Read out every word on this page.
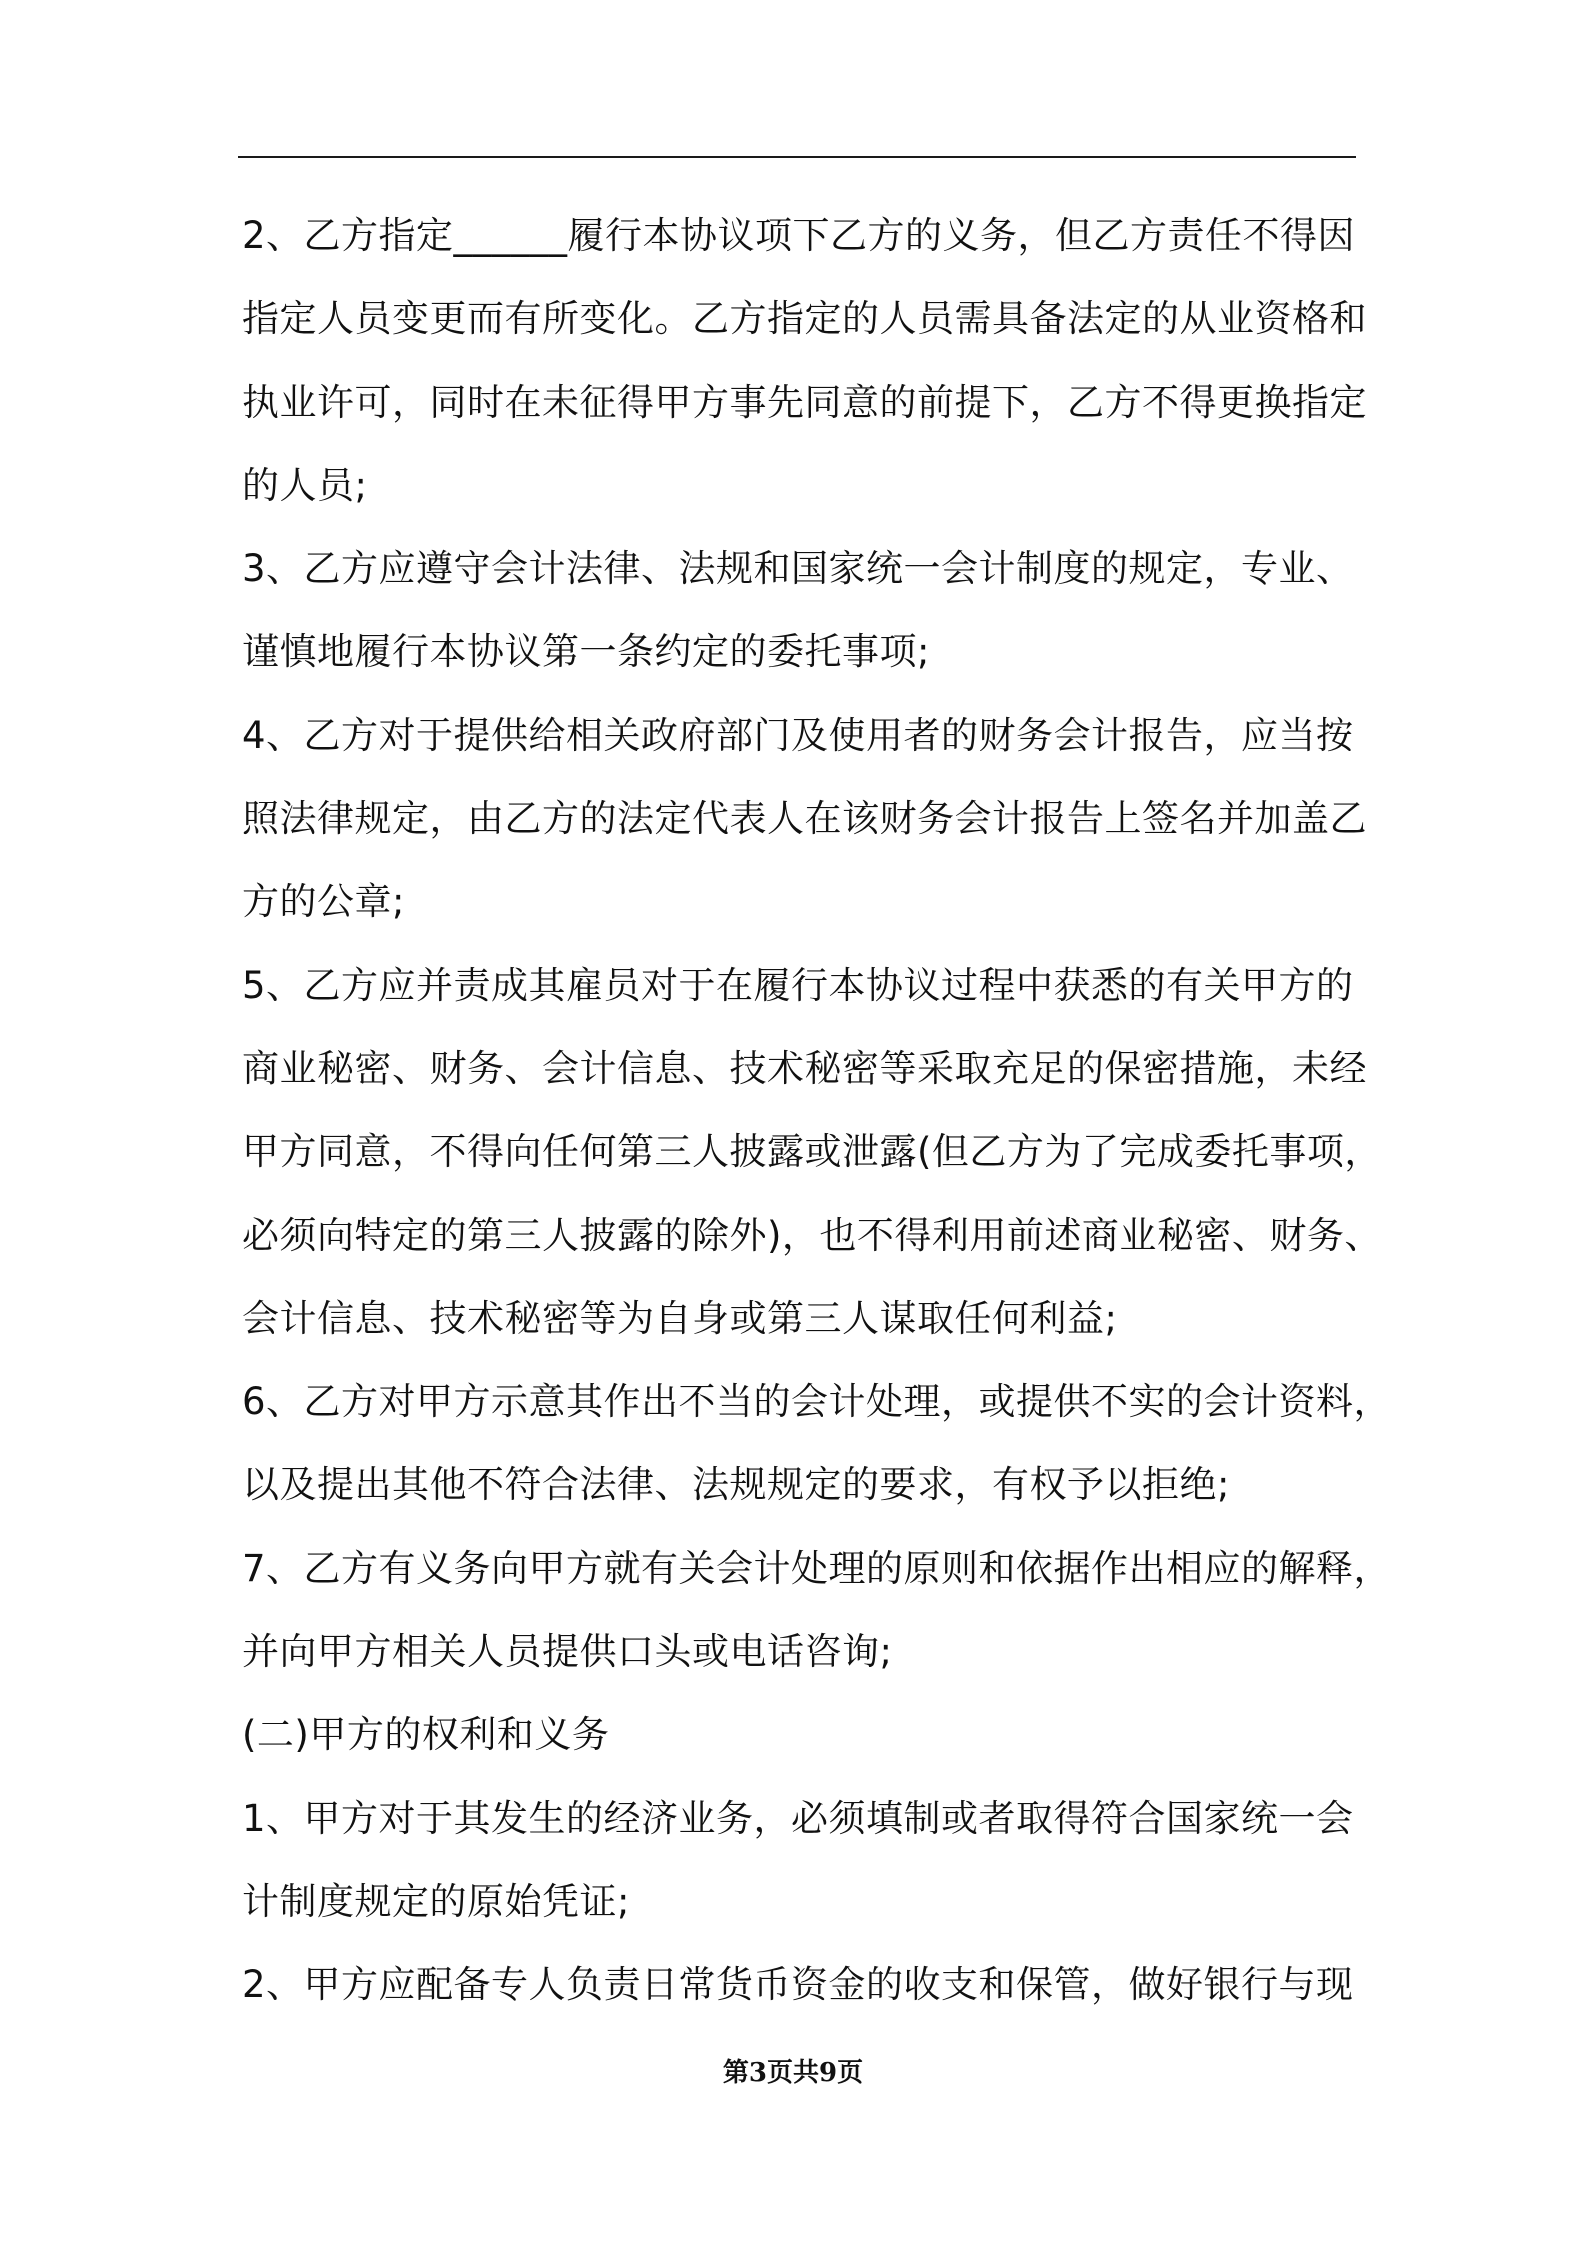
2、乙方指定______履行本协议项下乙方的义务，但乙方责任不得因
指定人员变更而有所变化。乙方指定的人员需具备法定的从业资格和
执业许可，同时在未征得甲方事先同意的前提下，乙方不得更换指定
的人员;
3、乙方应遵守会计法律、法规和国家统一会计制度的规定，专业、
谨慎地履行本协议第一条约定的委托事项;
4、乙方对于提供给相关政府部门及使用者的财务会计报告，应当按
照法律规定，由乙方的法定代表人在该财务会计报告上签名并加盖乙
方的公章;
5、乙方应并责成其雇员对于在履行本协议过程中获悉的有关甲方的
商业秘密、财务、会计信息、技术秘密等采取充足的保密措施，未经
甲方同意，不得向任何第三人披露或泄露(但乙方为了完成委托事项，
必须向特定的第三人披露的除外)，也不得利用前述商业秘密、财务、
会计信息、技术秘密等为自身或第三人谋取任何利益;
6、乙方对甲方示意其作出不当的会计处理，或提供不实的会计资料，
以及提出其他不符合法律、法规规定的要求，有权予以拒绝;
7、乙方有义务向甲方就有关会计处理的原则和依据作出相应的解释，
并向甲方相关人员提供口头或电话咨询;
(二)甲方的权利和义务
1、甲方对于其发生的经济业务，必须填制或者取得符合国家统一会
计制度规定的原始凭证;
2、甲方应配备专人负责日常货币资金的收支和保管，做好银行与现
第3页共9页
